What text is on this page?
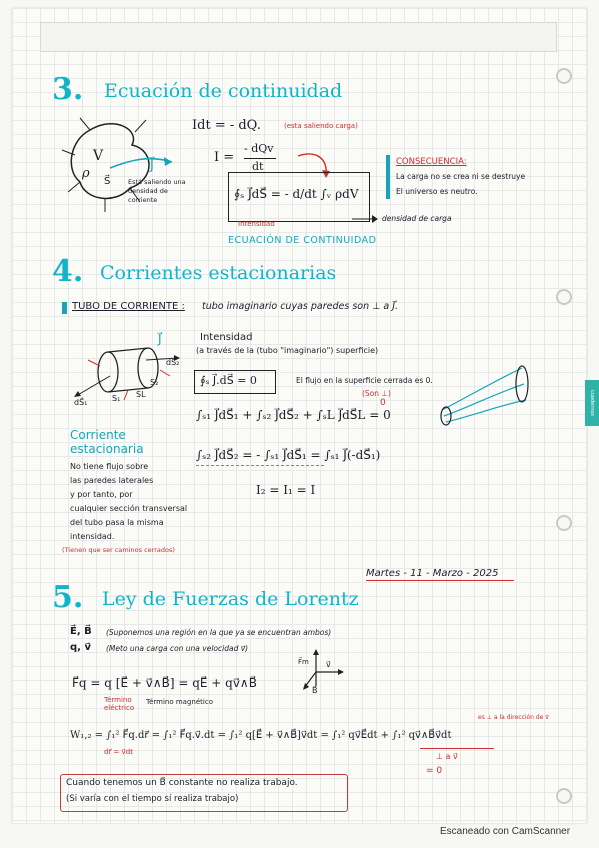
cuadernos
3. Ecuación de continuidad
V
ρ
S⃗
J⃗
Está saliendo una densidad de corriente
Idt = - dQ.	(esta saliendo carga)
I =
- dQv
dt
∮ₛ J⃗dS⃗ = - d/dt ∫ᵥ ρdV
Intensidad
densidad de carga
ECUACIÓN DE CONTINUIDAD
CONSECUENCIA:
La carga no se crea ni se destruye
El universo es neutro.
4. Corrientes estacionarias
TUBO DE CORRIENTE : tubo imaginario cuyas paredes son ⊥ a J⃗.
J⃗
dS⃗₂
S₂
SL
S₁
dS⃗₁
Intensidad
(a través de la (tubo "imaginario") superficie)
∮ₛ J⃗.dS⃗ = 0	El flujo en la superficie cerrada es 0.
(Son ⊥)
∫ₛ₁ J⃗dS⃗₁ + ∫ₛ₂ J⃗dS⃗₂ + ∫ₛL J⃗dS⃗L = 0
0
Corriente
estacionaria
No tiene flujo sobre
las paredes laterales
y por tanto, por
cualquier sección transversal
del tubo pasa la misma
intensidad.
(Tienen que ser caminos cerrados)
∫ₛ₂ J⃗dS⃗₂ = - ∫ₛ₁ J⃗dS⃗₁ = ∫ₛ₁ J⃗(-dS⃗₁)
I₂ = I₁ = I
Martes - 11 - Marzo - 2025
5. Ley de Fuerzas de Lorentz
E⃗, B⃗ (Suponemos una región en la que ya se encuentran ambos)
q, v⃗ (Meto una carga con una velocidad v⃗)
F⃗q = q [E⃗ + v⃗∧B⃗] = qE⃗ + qv⃗∧B⃗
Término eléctrico
Término magnético
F⃗m v⃗
B⃗
es ⊥ a la dirección de v⃗
W₁,₂ = ∫₁² F⃗q.dr⃗ = ∫₁² F⃗q.v⃗.dt = ∫₁² q[E⃗ + v⃗∧B⃗]v⃗dt = ∫₁² qv⃗E⃗dt + ∫₁² qv⃗∧B⃗v⃗dt
dr⃗ = v⃗dt	⊥ a v⃗
= 0
Cuando tenemos un B⃗ constante no realiza trabajo.
(Si varía con el tiempo sí realiza trabajo)
Escaneado con CamScanner
